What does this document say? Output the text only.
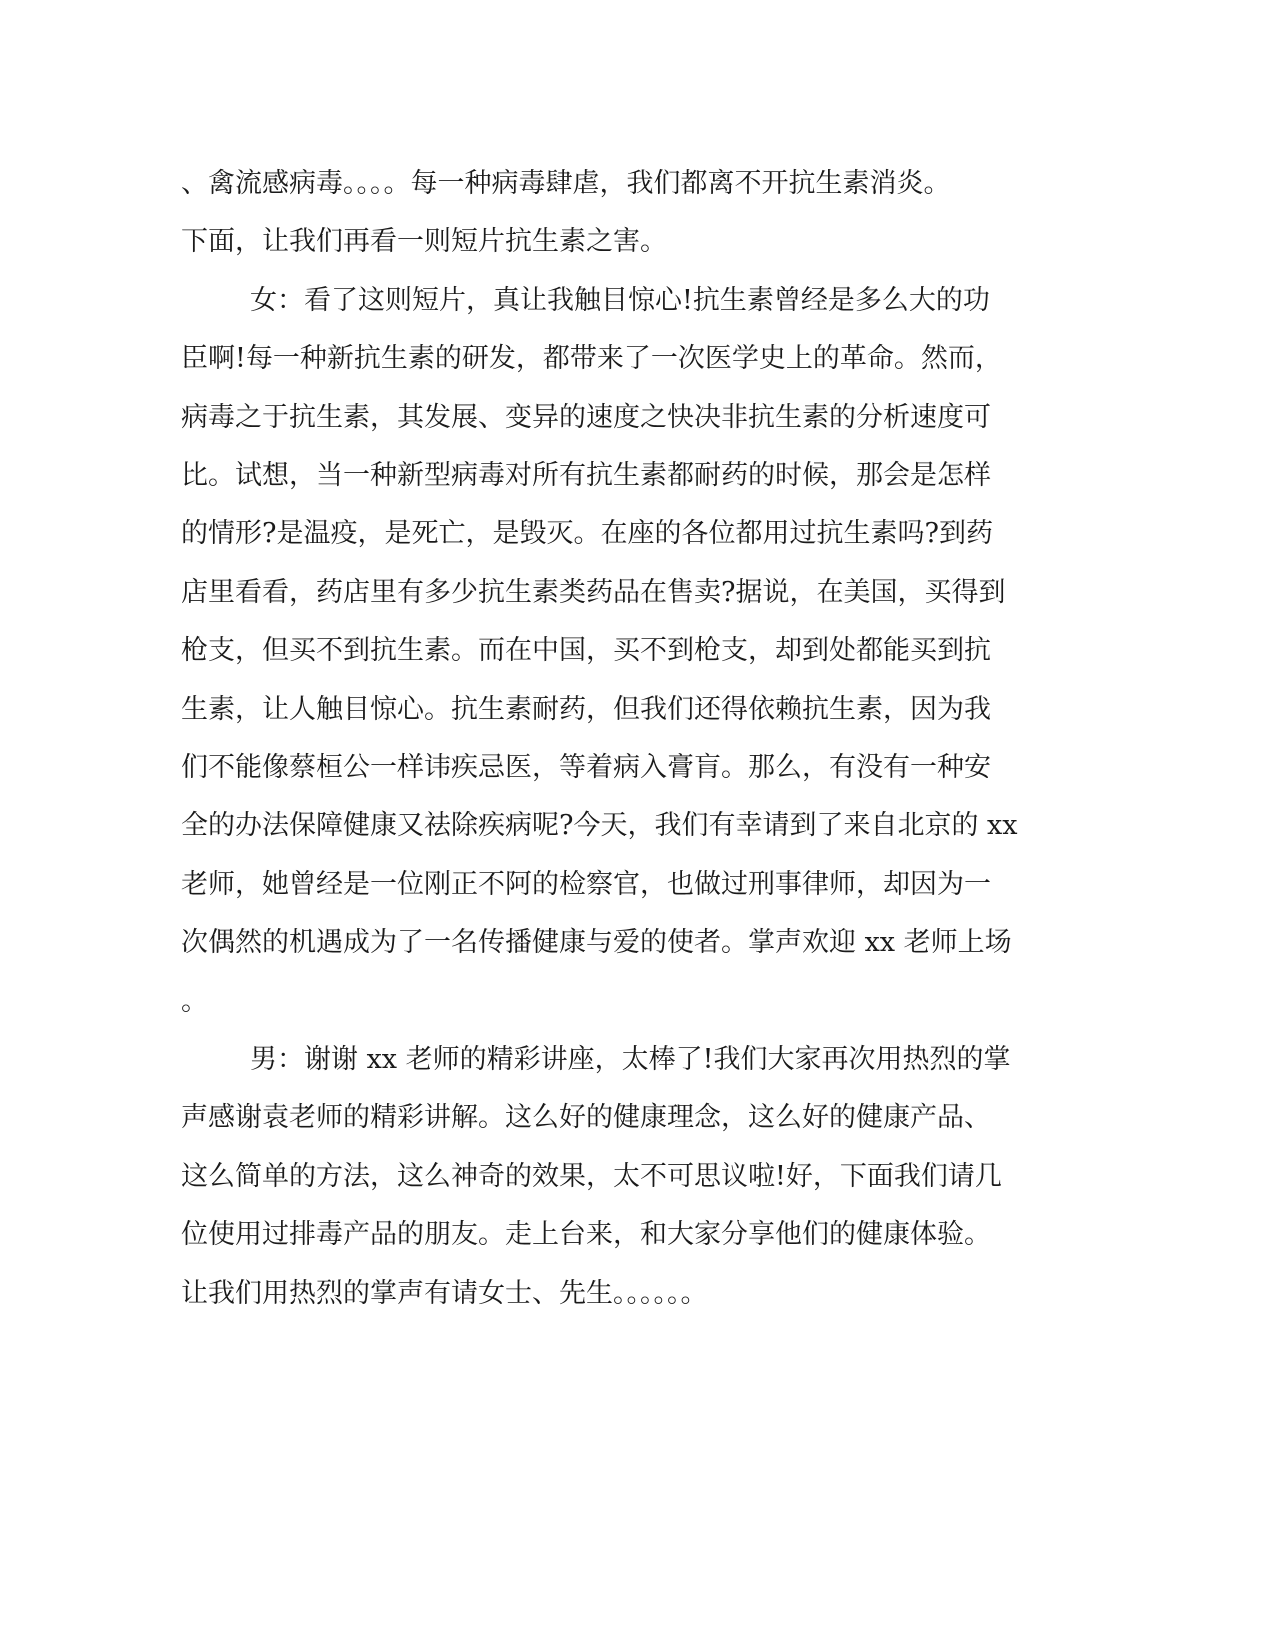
、禽流感病毒。。。。每一种病毒肆虐，我们都离不开抗生素消炎。
下面，让我们再看一则短片抗生素之害。
女：看了这则短片，真让我触目惊心!抗生素曾经是多么大的功
臣啊!每一种新抗生素的研发，都带来了一次医学史上的革命。然而，
病毒之于抗生素，其发展、变异的速度之快决非抗生素的分析速度可
比。试想，当一种新型病毒对所有抗生素都耐药的时候，那会是怎样
的情形?是温疫，是死亡，是毁灭。在座的各位都用过抗生素吗?到药
店里看看，药店里有多少抗生素类药品在售卖?据说，在美国，买得到
枪支，但买不到抗生素。而在中国，买不到枪支，却到处都能买到抗
生素，让人触目惊心。抗生素耐药，但我们还得依赖抗生素，因为我
们不能像蔡桓公一样讳疾忌医，等着病入膏肓。那么，有没有一种安
全的办法保障健康又祛除疾病呢?今天，我们有幸请到了来自北京的 xx
老师，她曾经是一位刚正不阿的检察官，也做过刑事律师，却因为一
次偶然的机遇成为了一名传播健康与爱的使者。掌声欢迎 xx 老师上场
。
男：谢谢 xx 老师的精彩讲座，太棒了!我们大家再次用热烈的掌
声感谢袁老师的精彩讲解。这么好的健康理念，这么好的健康产品、
这么简单的方法，这么神奇的效果，太不可思议啦!好，下面我们请几
位使用过排毒产品的朋友。走上台来，和大家分享他们的健康体验。
让我们用热烈的掌声有请女士、先生。。。。。。
